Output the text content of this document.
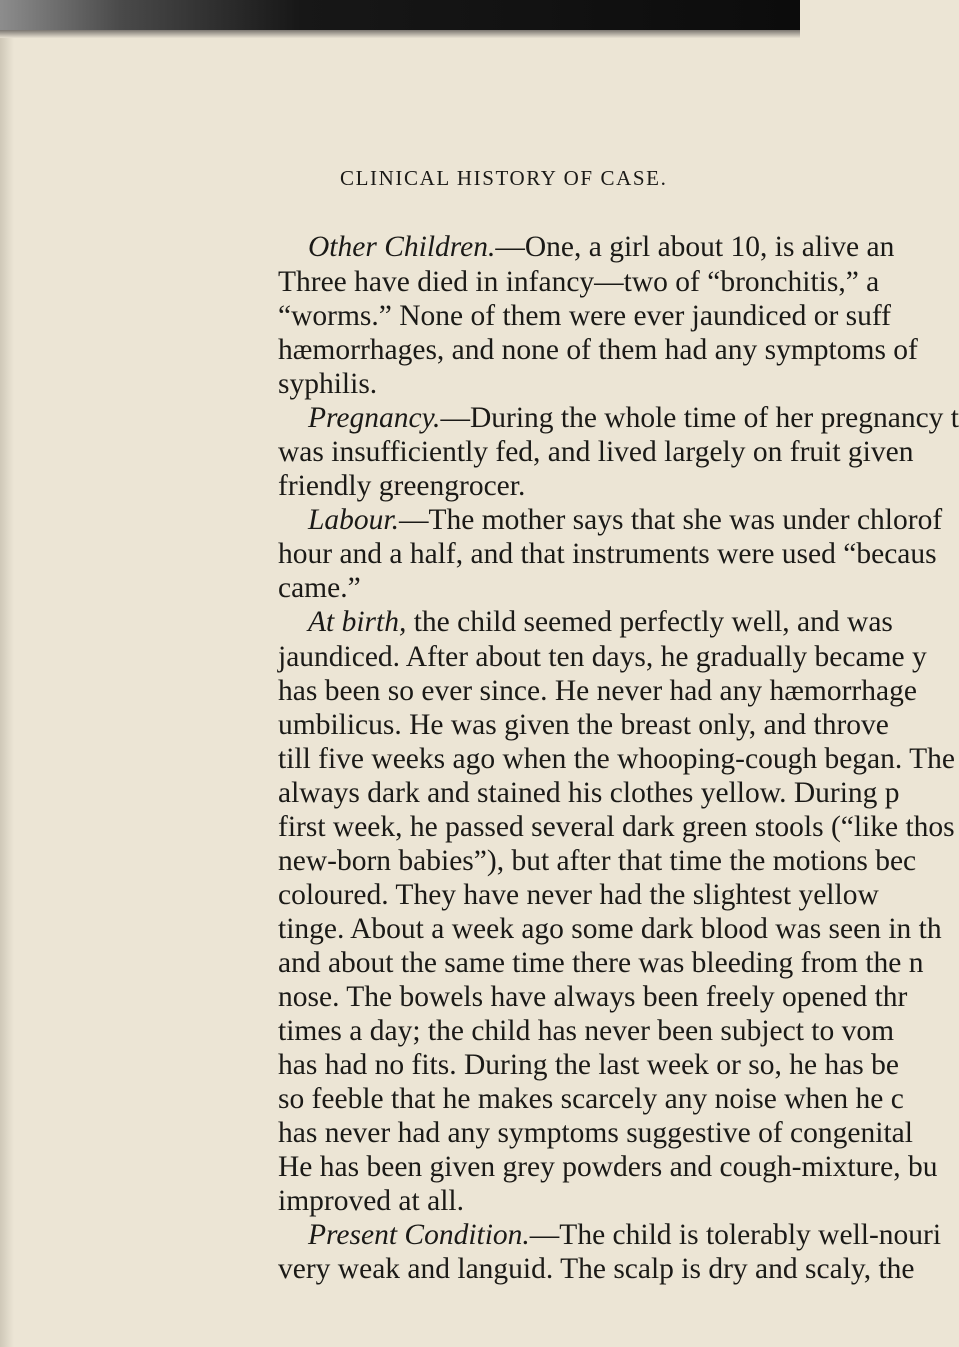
CLINICAL HISTORY OF CASE.
Other Children.—One, a girl about 10, is alive an
Three have died in infancy—two of “bronchitis,” a
“worms.” None of them were ever jaundiced or suff
hæmorrhages, and none of them had any symptoms of
syphilis.
Pregnancy.—During the whole time of her pregnancy t
was insufficiently fed, and lived largely on fruit given
friendly greengrocer.
Labour.—The mother says that she was under chlorof
hour and a half, and that instruments were used “becaus
came.”
At birth, the child seemed perfectly well, and was
jaundiced. After about ten days, he gradually became y
has been so ever since. He never had any hæmorrhage
umbilicus. He was given the breast only, and throve
till five weeks ago when the whooping-cough began. The
always dark and stained his clothes yellow. During p
first week, he passed several dark green stools (“like thos
new-born babies”), but after that time the motions bec
coloured. They have never had the slightest yellow
tinge. About a week ago some dark blood was seen in th
and about the same time there was bleeding from the n
nose. The bowels have always been freely opened thr
times a day; the child has never been subject to vom
has had no fits. During the last week or so, he has be
so feeble that he makes scarcely any noise when he c
has never had any symptoms suggestive of congenital
He has been given grey powders and cough-mixture, bu
improved at all.
Present Condition.—The child is tolerably well-nouri
very weak and languid. The scalp is dry and scaly, the
